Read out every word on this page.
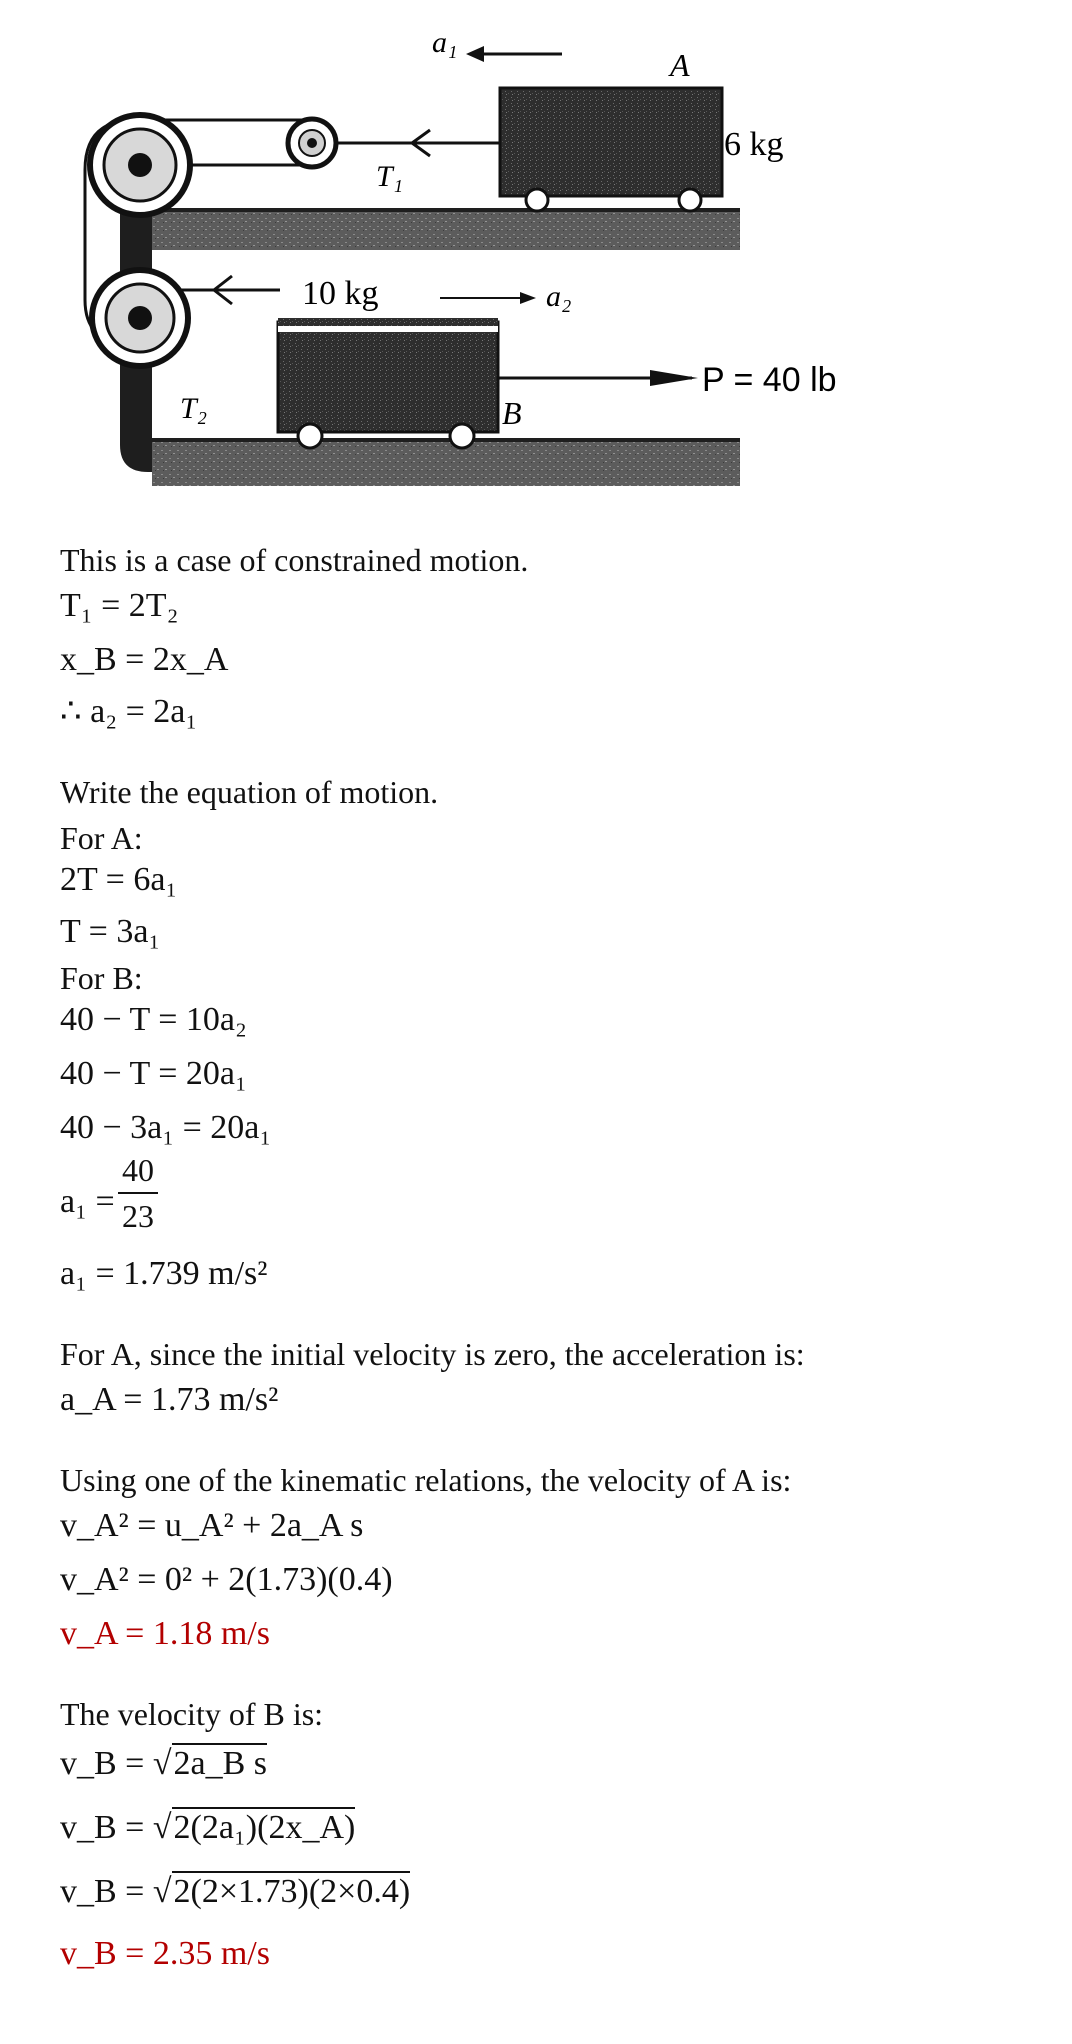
a₁
A
6 kg
T₁
10 kg	a₂
P = 40 lb
T₂	B
This is a case of constrained motion.
T₁ = 2T₂
x_B = 2x_A
∴ a₂ = 2a₁
Write the equation of motion.
For A:
2T = 6a₁
T = 3a₁
For B:
40 − T = 10a₂
40 − T = 20a₁
40 − 3a₁ = 20a₁
$a_1 = \frac{40}{23}$
a₁ = 1.739 m/s²
For A, since the initial velocity is zero, the acceleration is:
a_A = 1.73 m/s²
Using one of the kinematic relations, the velocity of A is:
v_A² = u_A² + 2a_A s
v_A² = 0² + 2(1.73)(0.4)
v_A = 1.18 m/s
The velocity of B is:
v_B = √2a_B s
v_B = √2(2a₁)(2x_A)
v_B = √2(2×1.73)(2×0.4)
v_B = 2.35 m/s
